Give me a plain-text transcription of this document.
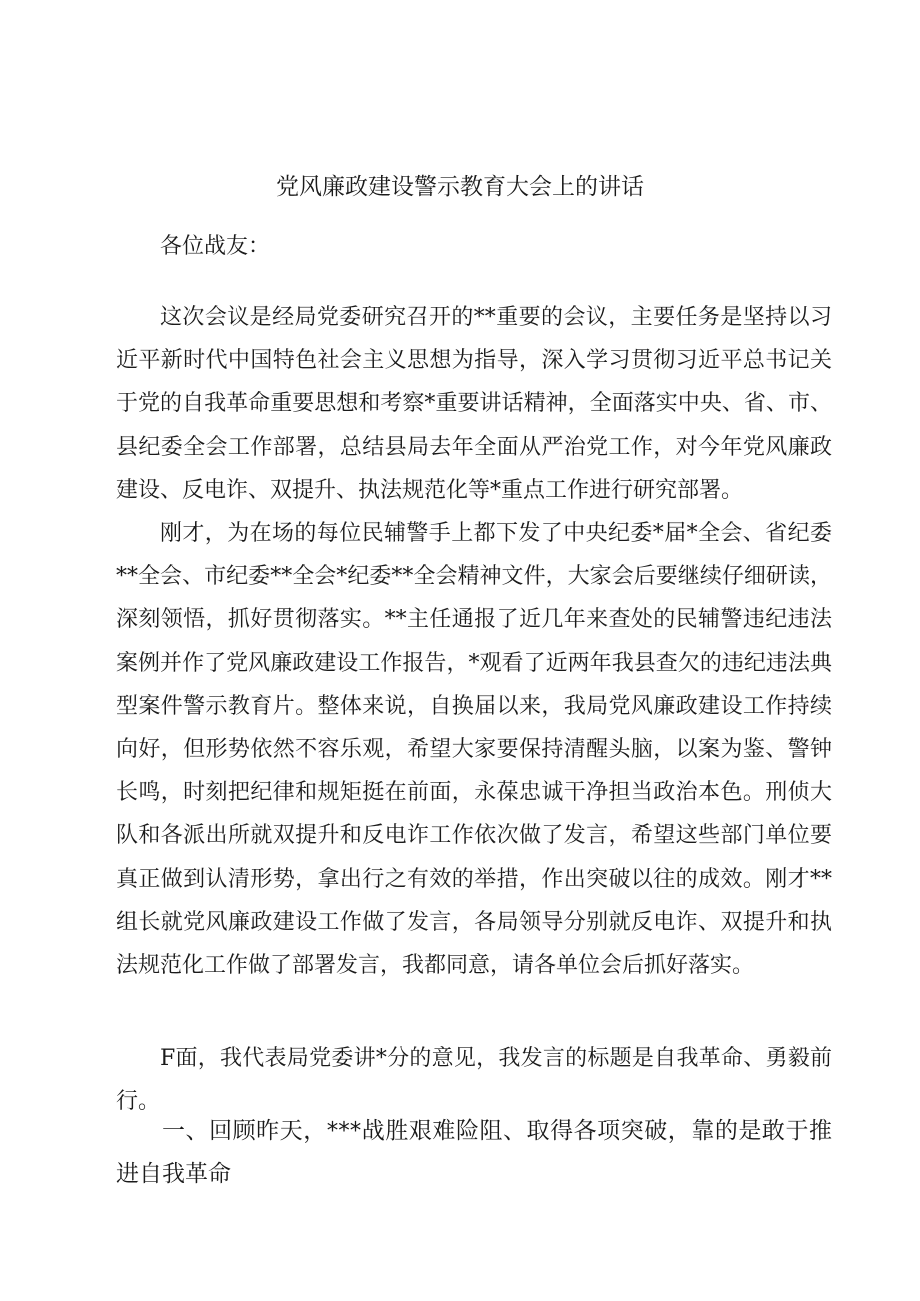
党风廉政建设警示教育大会上的讲话

各位战友：

这次会议是经局党委研究召开的**重要的会议，主要任务是坚持以习近平新时代中国特色社会主义思想为指导，深入学习贯彻习近平总书记关于党的自我革命重要思想和考察*重要讲话精神，全面落实中央、省、市、县纪委全会工作部署，总结县局去年全面从严治党工作，对今年党风廉政建设、反电诈、双提升、执法规范化等*重点工作进行研究部署。

刚才，为在场的每位民辅警手上都下发了中央纪委*届*全会、省纪委**全会、市纪委**全会*纪委**全会精神文件，大家会后要继续仔细研读，深刻领悟，抓好贯彻落实。**主任通报了近几年来查处的民辅警违纪违法案例并作了党风廉政建设工作报告，*观看了近两年我县查欠的违纪违法典型案件警示教育片。整体来说，自换届以来，我局党风廉政建设工作持续向好，但形势依然不容乐观，希望大家要保持清醒头脑，以案为鉴、警钟长鸣，时刻把纪律和规矩挺在前面，永葆忠诚干净担当政治本色。刑侦大队和各派出所就双提升和反电诈工作依次做了发言，希望这些部门单位要真正做到认清形势，拿出行之有效的举措，作出突破以往的成效。刚才**组长就党风廉政建设工作做了发言，各局领导分别就反电诈、双提升和执法规范化工作做了部署发言，我都同意，请各单位会后抓好落实。

F面，我代表局党委讲*分的意见，我发言的标题是自我革命、勇毅前行。

一、回顾昨天，***战胜艰难险阻、取得各项突破，靠的是敢于推进自我革命
